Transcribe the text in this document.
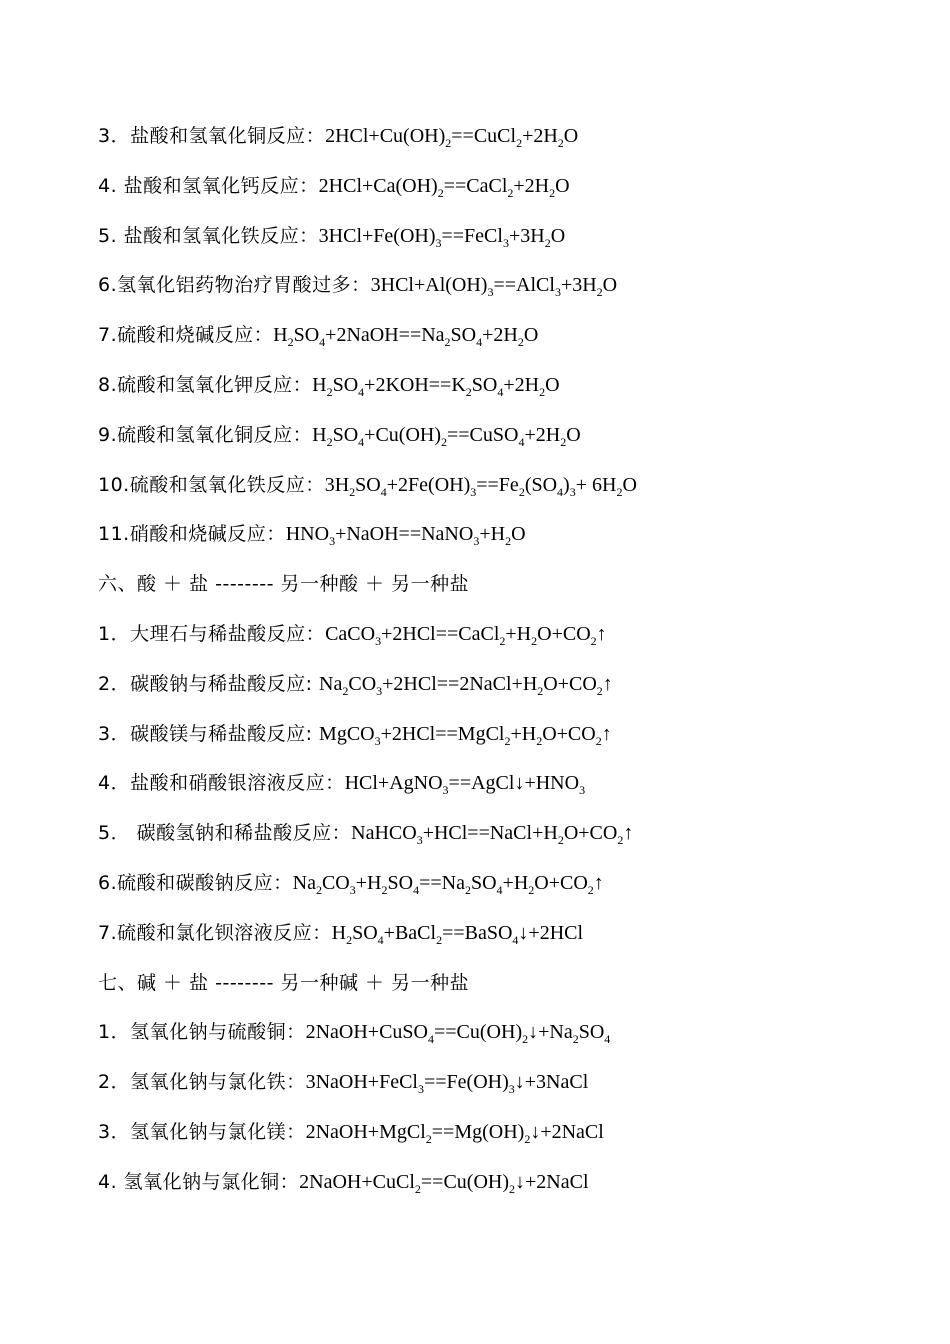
3．盐酸和氢氧化铜反应：$2HCl+Cu(OH)_2==CuCl_2+2H_2O$
4. 盐酸和氢氧化钙反应：$2HCl+Ca(OH)_2==CaCl_2+2H_2O$
5. 盐酸和氢氧化铁反应：$3HCl+Fe(OH)_3==FeCl_3+3H_2O$
6.氢氧化铝药物治疗胃酸过多：$3HCl+Al(OH)_3==AlCl_3+3H_2O$
7.硫酸和烧碱反应：$H_2SO_4+2NaOH==Na_2SO_4+2H_2O$
8.硫酸和氢氧化钾反应：$H_2SO_4+2KOH==K_2SO_4+2H_2O$
9.硫酸和氢氧化铜反应：$H_2SO_4+Cu(OH)_2==CuSO_4+2H_2O$
10.硫酸和氢氧化铁反应：$3H_2SO_4+2Fe(OH)_3==Fe_2(SO_4)_3+ 6H_2O$
11.硝酸和烧碱反应：$HNO_3+NaOH==NaNO_3+H_2O$
六、酸 ＋ 盐 -------- 另一种酸 ＋ 另一种盐
1．大理石与稀盐酸反应：$CaCO_3+2HCl==CaCl_2+H_2O+CO_2↑$
2．碳酸钠与稀盐酸反应: $Na_2CO_3+2HCl==2NaCl+H_2O+CO_2↑$
3．碳酸镁与稀盐酸反应: $MgCO_3+2HCl==MgCl_2+H_2O+CO_2↑$
4．盐酸和硝酸银溶液反应：$HCl+AgNO_3==AgCl↓+HNO_3$
5． 碳酸氢钠和稀盐酸反应：$NaHCO_3+HCl==NaCl+H_2O+CO_2↑$
6.硫酸和碳酸钠反应：$Na_2CO_3+H_2SO_4==Na_2SO_4+H_2O+CO_2↑$
7.硫酸和氯化钡溶液反应：$H_2SO_4+BaCl_2==BaSO_4↓+2HCl$
七、碱 ＋ 盐 -------- 另一种碱 ＋ 另一种盐
1．氢氧化钠与硫酸铜：$2NaOH+CuSO_4==Cu(OH)_2↓+Na_2SO_4$
2．氢氧化钠与氯化铁：$3NaOH+FeCl_3==Fe(OH)_3↓+3NaCl$
3．氢氧化钠与氯化镁：$2NaOH+MgCl_2==Mg(OH)_2↓+2NaCl$
4. 氢氧化钠与氯化铜：$2NaOH+CuCl_2==Cu(OH)_2↓+2NaCl$
